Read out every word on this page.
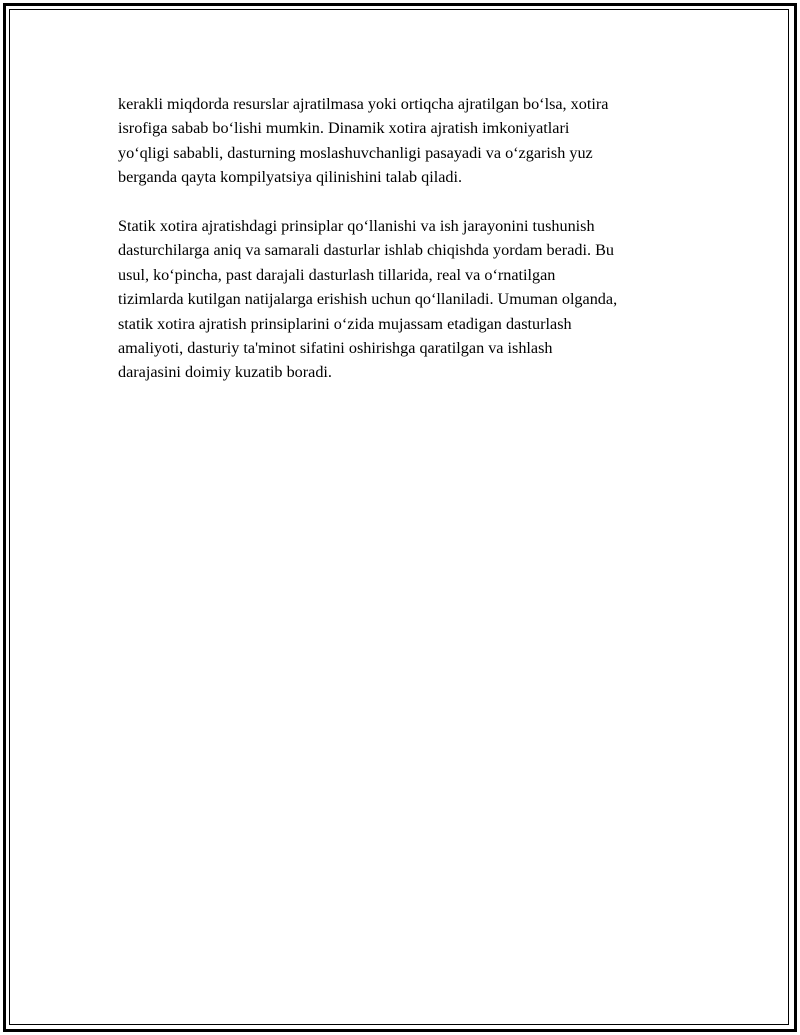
kerakli miqdorda resurslar ajratilmasa yoki ortiqcha ajratilgan bo‘lsa, xotira
isrofiga sabab bo‘lishi mumkin. Dinamik xotira ajratish imkoniyatlari
yo‘qligi sababli, dasturning moslashuvchanligi pasayadi va o‘zgarish yuz
berganda qayta kompilyatsiya qilinishini talab qiladi.

Statik xotira ajratishdagi prinsiplar qo‘llanishi va ish jarayonini tushunish
dasturchilarga aniq va samarali dasturlar ishlab chiqishda yordam beradi. Bu
usul, ko‘pincha, past darajali dasturlash tillarida, real va o‘rnatilgan
tizimlarda kutilgan natijalarga erishish uchun qo‘llaniladi. Umuman olganda,
statik xotira ajratish prinsiplarini o‘zida mujassam etadigan dasturlash
amaliyoti, dasturiy ta'minot sifatini oshirishga qaratilgan va ishlash
darajasini doimiy kuzatib boradi.
